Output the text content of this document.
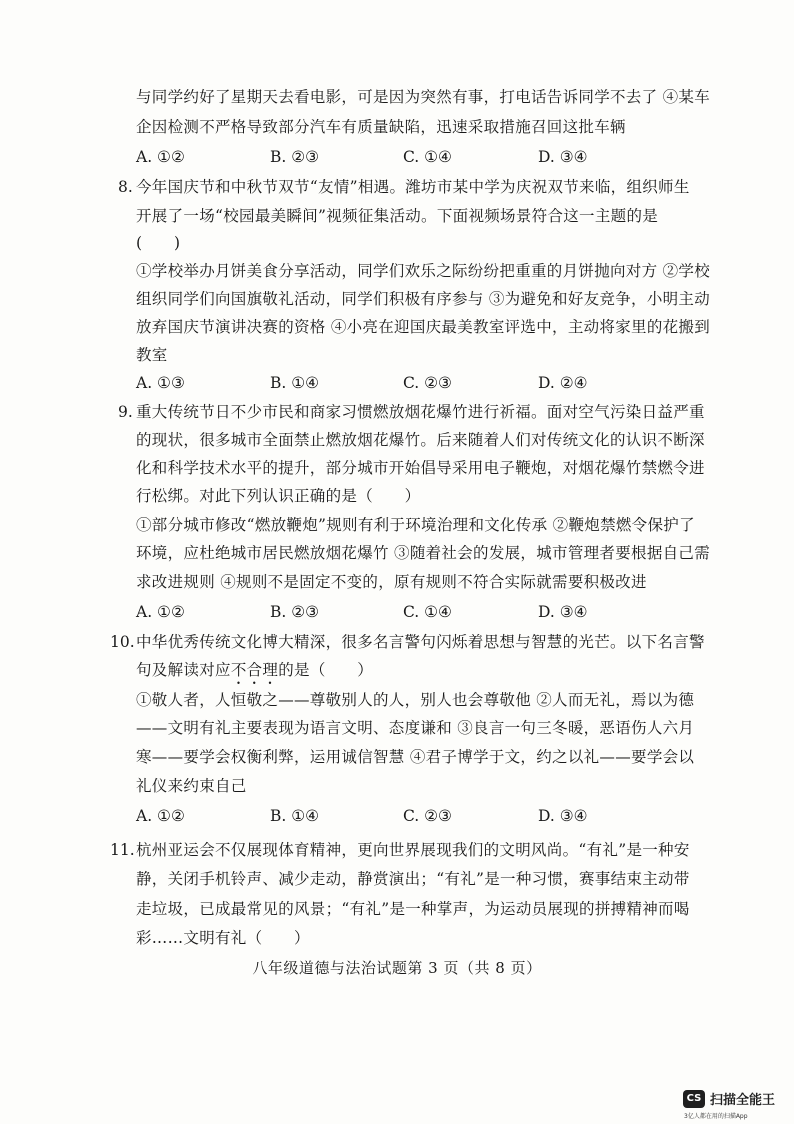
与同学约好了星期天去看电影，可是因为突然有事，打电话告诉同学不去了 ④某车
企因检测不严格导致部分汽车有质量缺陷，迅速采取措施召回这批车辆
A. ①②	B. ②③	C. ①④	D. ③④
8. 今年国庆节和中秋节双节“友情”相遇。潍坊市某中学为庆祝双节来临，组织师生
开展了一场“校园最美瞬间”视频征集活动。下面视频场景符合这一主题的是
(　　)
①学校举办月饼美食分享活动，同学们欢乐之际纷纷把重重的月饼抛向对方 ②学校
组织同学们向国旗敬礼活动，同学们积极有序参与 ③为避免和好友竞争，小明主动
放弃国庆节演讲决赛的资格 ④小亮在迎国庆最美教室评选中，主动将家里的花搬到
教室
A. ①③	B. ①④	C. ②③	D. ②④
9. 重大传统节日不少市民和商家习惯燃放烟花爆竹进行祈福。面对空气污染日益严重
的现状，很多城市全面禁止燃放烟花爆竹。后来随着人们对传统文化的认识不断深
化和科学技术水平的提升，部分城市开始倡导采用电子鞭炮，对烟花爆竹禁燃令进
行松绑。对此下列认识正确的是（　　）
①部分城市修改“燃放鞭炮”规则有利于环境治理和文化传承 ②鞭炮禁燃令保护了
环境，应杜绝城市居民燃放烟花爆竹 ③随着社会的发展，城市管理者要根据自己需
求改进规则 ④规则不是固定不变的，原有规则不符合实际就需要积极改进
A. ①②	B. ②③	C. ①④	D. ③④
10. 中华优秀传统文化博大精深，很多名言警句闪烁着思想与智慧的光芒。以下名言警
句及解读对应不合理的是（　　）
①敬人者，人恒敬之——尊敬别人的人，别人也会尊敬他 ②人而无礼，焉以为德
——文明有礼主要表现为语言文明、态度谦和 ③良言一句三冬暖，恶语伤人六月
寒——要学会权衡利弊，运用诚信智慧 ④君子博学于文，约之以礼——要学会以
礼仪来约束自己
A. ①②	B. ①④	C. ②③	D. ③④
11. 杭州亚运会不仅展现体育精神，更向世界展现我们的文明风尚。“有礼”是一种安
静，关闭手机铃声、减少走动，静赏演出；“有礼”是一种习惯，赛事结束主动带
走垃圾，已成最常见的风景；“有礼”是一种掌声，为运动员展现的拼搏精神而喝
彩……文明有礼（　　）
八年级道德与法治试题第 3 页（共 8 页）
CS 扫描全能王
3亿人都在用的扫描App
